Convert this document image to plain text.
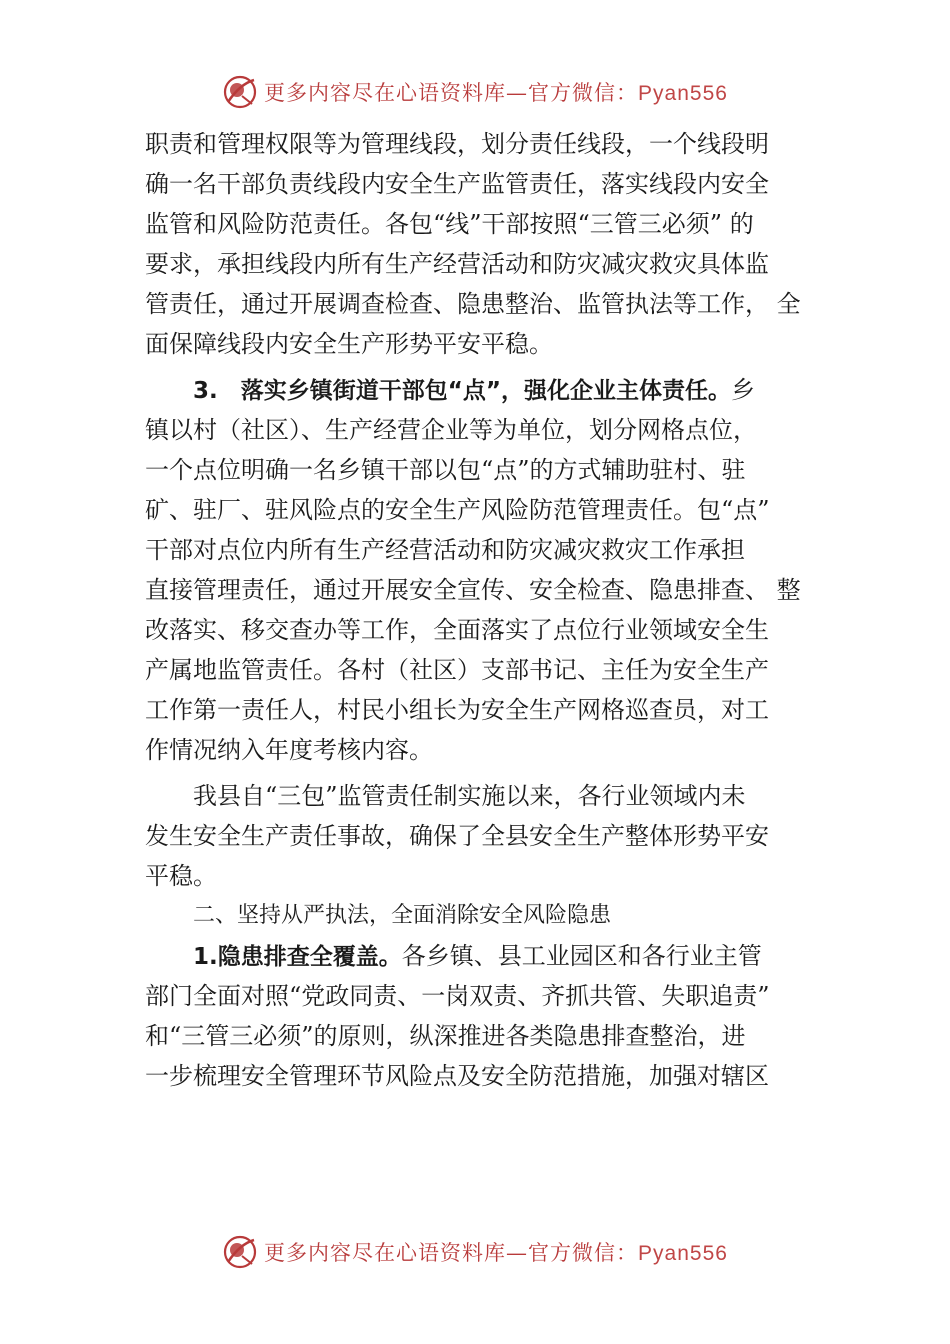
更多内容尽在心语资料库—官方微信：Pyan556
职责和管理权限等为管理线段，划分责任线段，一个线段明
确一名干部负责线段内安全生产监管责任，落实线段内安全
监管和风险防范责任。各包“线”干部按照“三管三必须” 的
要求，承担线段内所有生产经营活动和防灾减灾救灾具体监
管责任，通过开展调查检查、隐患整治、监管执法等工作， 全
面保障线段内安全生产形势平安平稳。
3.　落实乡镇街道干部包“点”，强化企业主体责任。乡
镇以村（社区）、生产经营企业等为单位，划分网格点位，
一个点位明确一名乡镇干部以包“点”的方式辅助驻村、驻
矿、驻厂、驻风险点的安全生产风险防范管理责任。包“点”
干部对点位内所有生产经营活动和防灾减灾救灾工作承担
直接管理责任，通过开展安全宣传、安全检查、隐患排查、 整
改落实、移交查办等工作，全面落实了点位行业领域安全生
产属地监管责任。各村（社区）支部书记、主任为安全生产
工作第一责任人，村民小组长为安全生产网格巡查员，对工
作情况纳入年度考核内容。
我县自“三包”监管责任制实施以来，各行业领域内未
发生安全生产责任事故，确保了全县安全生产整体形势平安
平稳。
二、坚持从严执法，全面消除安全风险隐患
1.隐患排查全覆盖。各乡镇、县工业园区和各行业主管
部门全面对照“党政同责、一岗双责、齐抓共管、失职追责”
和“三管三必须”的原则，纵深推进各类隐患排查整治，进
一步梳理安全管理环节风险点及安全防范措施，加强对辖区
更多内容尽在心语资料库—官方微信：Pyan556
